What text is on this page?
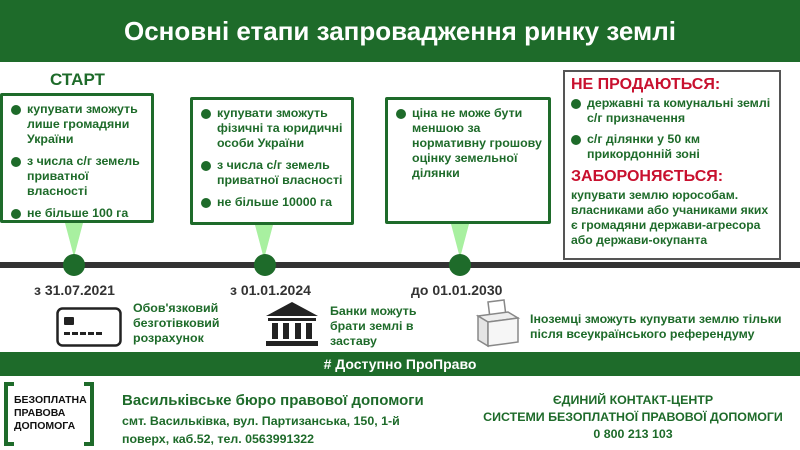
Основні етапи запровадження ринку землі
СТАРТ
купувати зможуть лише громадяни України
з числа с/г земель приватної власності
не більше 100 га
купувати зможуть фізичні та юридичні особи України
з числа с/г земель приватної власності
не більше 10000 га
ціна не може бути меншою за нормативну грошову оцінку земельної ділянки
НЕ ПРОДАЮТЬСЯ:
державні та комунальні землі с/г призначення
с/г ділянки у 50 км прикордонній зоні
ЗАБОРОНЯЄТЬСЯ:
купувати землю юрособам. власниками або учаниками яких є громадяни держави-агресора або держави-окупанта
з 31.07.2021	з 01.01.2024	до 01.01.2030
Обов'язковий безготівковий розрахунок
Банки можуть брати землі в заставу
Іноземці зможуть купувати землю тільки після всеукраїнського референдуму
# Доступно ПроПраво
БЕЗОПЛАТНА
ПРАВОВА
ДОПОМОГА
Васильківське бюро правової допомоги
смт. Васильківка, вул. Партизанська, 150, 1-й поверх, каб.52, тел. 0563991322
ЄДИНИЙ КОНТАКТ-ЦЕНТР
СИСТЕМИ БЕЗОПЛАТНОЇ ПРАВОВОЇ ДОПОМОГИ
0 800 213 103
